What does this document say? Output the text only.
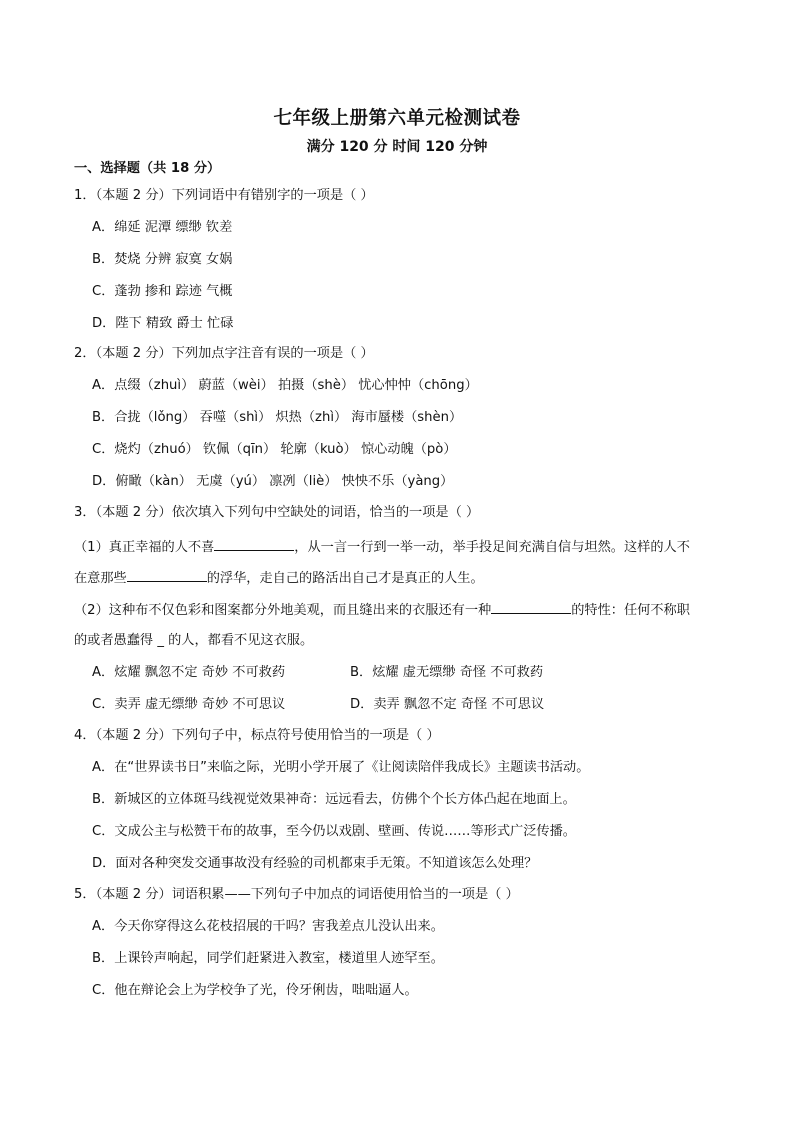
七年级上册第六单元检测试卷
满分 120 分 时间 120 分钟
一、选择题（共 18 分）
1．（本题 2 分）下列词语中有错别字的一项是（ ）
A．绵延 泥潭 缥缈 钦差
B．焚烧 分辨 寂寞 女娲
C．蓬勃 掺和 踪迹 气概
D．陛下 精致 爵士 忙碌
2．（本题 2 分）下列加点字注音有误的一项是（ ）
A．点缀（zhuì） 蔚蓝（wèi） 拍摄（shè） 忧心忡忡（chōng）
B．合拢（lǒng） 吞噬（shì） 炽热（zhì） 海市蜃楼（shèn）
C．烧灼（zhuó） 钦佩（qīn） 轮廓（kuò） 惊心动魄（pò）
D．俯瞰（kàn） 无虞（yú） 凛冽（liè） 怏怏不乐（yàng）
3．（本题 2 分）依次填入下列句中空缺处的词语，恰当的一项是（ ）
（1）真正幸福的人不喜	，从一言一行到一举一动，举手投足间充满自信与坦然。这样的人不
在意那些	的浮华，走自己的路活出自己才是真正的人生。
（2）这种布不仅色彩和图案都分外地美观，而且缝出来的衣服还有一种	的特性：任何不称职
的或者愚蠢得 _ 的人，都看不见这衣服。
A．炫耀 飘忽不定 奇妙 不可救药	B．炫耀 虚无缥缈 奇怪 不可救药
C．卖弄 虚无缥缈 奇妙 不可思议	D．卖弄 飘忽不定 奇怪 不可思议
4．（本题 2 分）下列句子中，标点符号使用恰当的一项是（ ）
A．在“世界读书日”来临之际，光明小学开展了《让阅读陪伴我成长》主题读书活动。
B．新城区的立体斑马线视觉效果神奇：远远看去，仿佛个个长方体凸起在地面上。
C．文成公主与松赞干布的故事，至今仍以戏剧、壁画、传说……等形式广泛传播。
D．面对各种突发交通事故没有经验的司机都束手无策。不知道该怎么处理？
5．（本题 2 分）词语积累——下列句子中加点的词语使用恰当的一项是（ ）
A．今天你穿得这么花枝招展的干吗？害我差点儿没认出来。
B．上课铃声响起，同学们赶紧进入教室，楼道里人迹罕至。
C．他在辩论会上为学校争了光，伶牙俐齿，咄咄逼人。
